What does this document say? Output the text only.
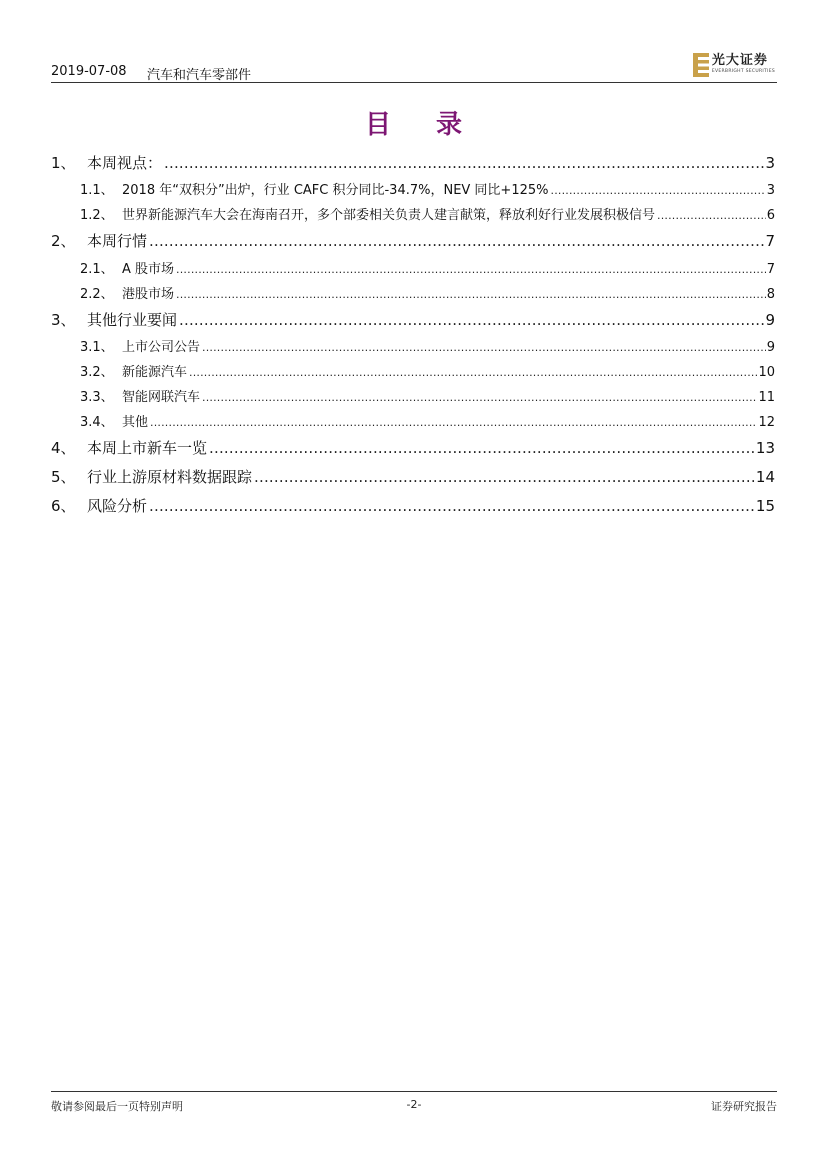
2019-07-08 汽车和汽车零部件
光大证券
EVERBRIGHT SECURITIES
目 录
1、 本周视点： .....	3
1.1、 2018 年“双积分”出炉，行业 CAFC 积分同比-34.7%，NEV 同比+125% .....	3
1.2、 世界新能源汽车大会在海南召开，多个部委相关负责人建言献策，释放利好行业发展积极信号 .....	6
2、 本周行情 .....	7
2.1、 A 股市场 .....	7
2.2、 港股市场 .....	8
3、 其他行业要闻 .....	9
3.1、 上市公司公告 .....	9
3.2、 新能源汽车 .....	10
3.3、 智能网联汽车 .....	11
3.4、 其他 .....	12
4、 本周上市新车一览 .....	13
5、 行业上游原材料数据跟踪 .....	14
6、 风险分析 .....	15
敬请参阅最后一页特别声明	-2-	证券研究报告
